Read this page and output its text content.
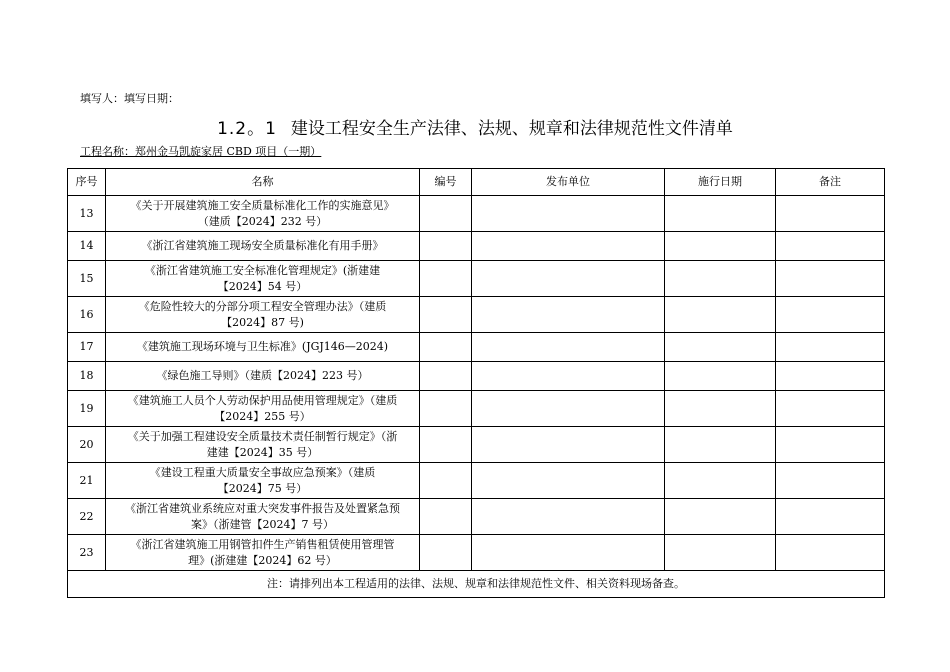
填写人：填写日期：
1.2。1 建设工程安全生产法律、法规、规章和法律规范性文件清单
工程名称：郑州金马凯旋家居 CBD 项目（一期）
序号	名称	编号	发布单位	施行日期	备注
13	《关于开展建筑施工安全质量标准化工作的实施意见》
（建质【2024】232 号）				

14	《浙江省建筑施工现场安全质量标准化有用手册》				

15	《浙江省建筑施工安全标准化管理规定》(浙建建
【2024】54 号）				

16	《危险性较大的分部分项工程安全管理办法》（建质
【2024】87 号)				

17	《建筑施工现场环境与卫生标准》(JGJ146—2024)				

18	《绿色施工导则》（建质【2024】223 号）				

19	《建筑施工人员个人劳动保护用品使用管理规定》（建质
【2024】255 号）				

20	《关于加强工程建设安全质量技术责任制暂行规定》（浙
建建【2024】35 号）				

21	《建设工程重大质量安全事故应急预案》（建质
【2024】75 号）				

22	《浙江省建筑业系统应对重大突发事件报告及处置紧急预
案》（浙建管【2024】7 号）				

23	《浙江省建筑施工用钢管扣件生产销售租赁使用管理管
理》(浙建建【2024】62 号）				

注：请排列出本工程适用的法律、法规、规章和法律规范性文件、相关资料现场备查。					
